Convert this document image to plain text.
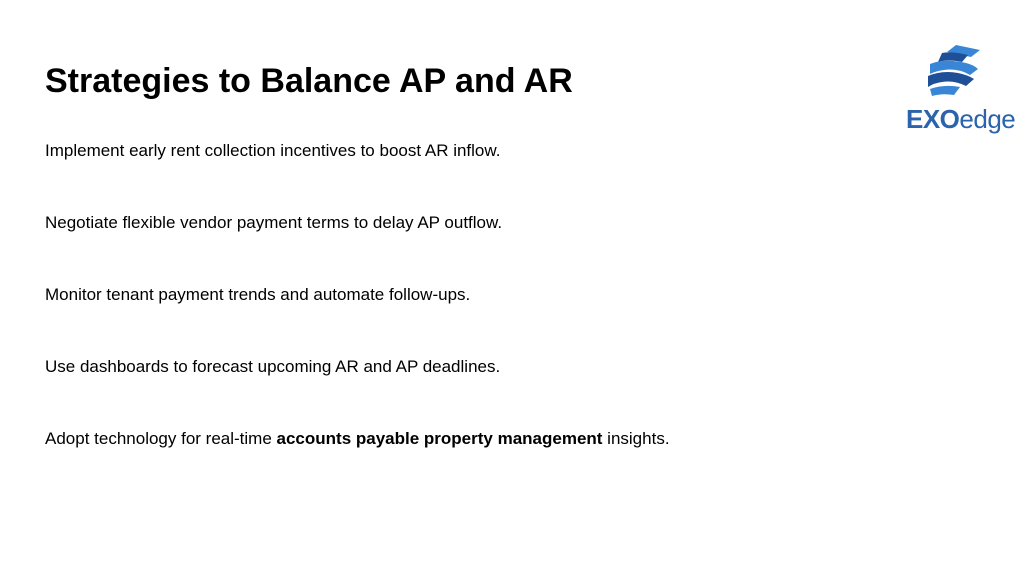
Strategies to Balance AP and AR
Implement early rent collection incentives to boost AR inflow.
Negotiate flexible vendor payment terms to delay AP outflow.
Monitor tenant payment trends and automate follow-ups.
Use dashboards to forecast upcoming AR and AP deadlines.
Adopt technology for real-time accounts payable property management insights.
EXOedge
